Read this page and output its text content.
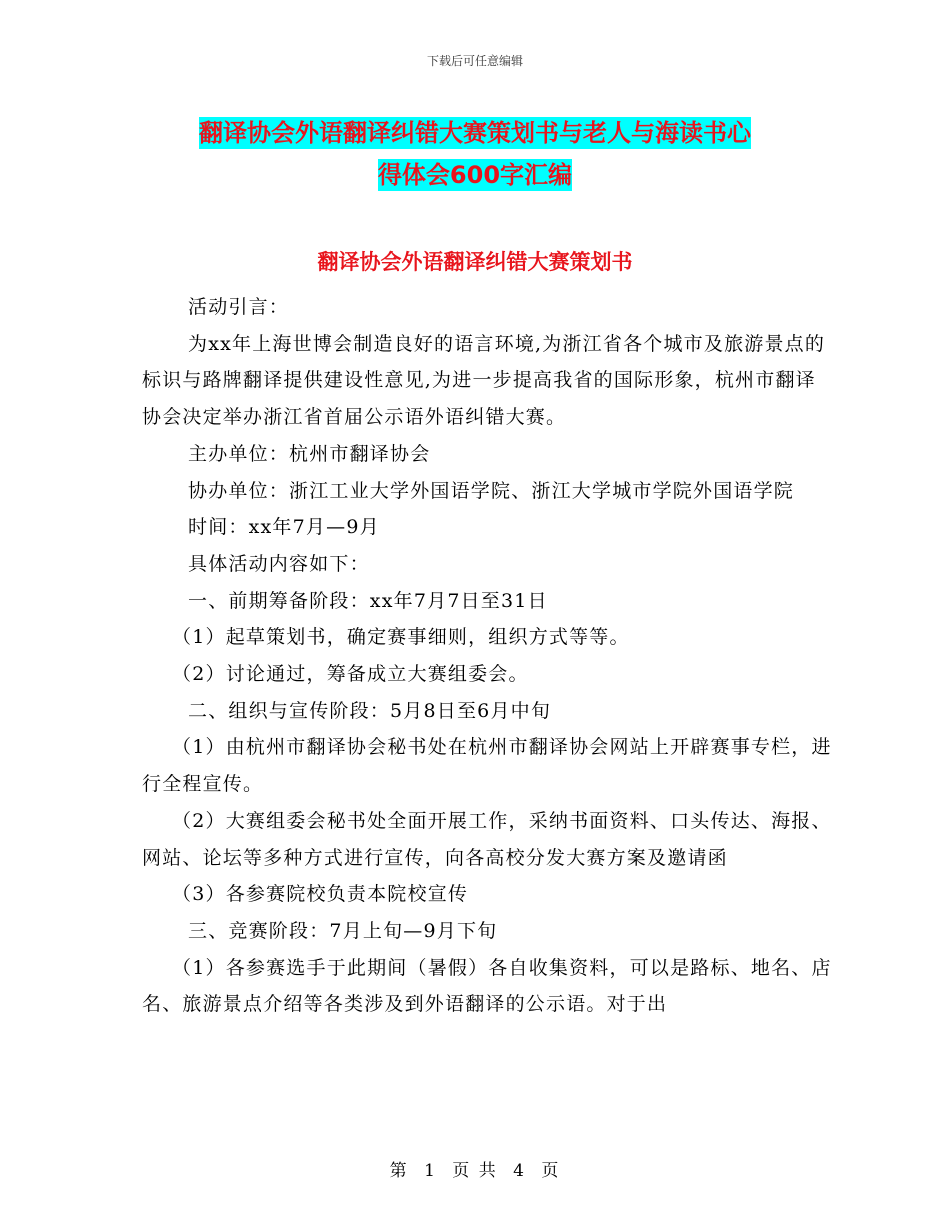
下载后可任意编辑
翻译协会外语翻译纠错大赛策划书与老人与海读书心
得体会600字汇编
翻译协会外语翻译纠错大赛策划书

活动引言：

为xx年上海世博会制造良好的语言环境,为浙江省各个城市及旅游景点的标识与路牌翻译提供建设性意见,为进一步提高我省的国际形象，杭州市翻译协会决定举办浙江省首届公示语外语纠错大赛。

主办单位：杭州市翻译协会

协办单位：浙江工业大学外国语学院、浙江大学城市学院外国语学院

时间：xx年7月—9月

具体活动内容如下：

一、前期筹备阶段：xx年7月7日至31日

（1）起草策划书，确定赛事细则，组织方式等等。

（2）讨论通过，筹备成立大赛组委会。

二、组织与宣传阶段：5月8日至6月中旬

（1）由杭州市翻译协会秘书处在杭州市翻译协会网站上开辟赛事专栏，进行全程宣传。

（2）大赛组委会秘书处全面开展工作，采纳书面资料、口头传达、海报、网站、论坛等多种方式进行宣传，向各高校分发大赛方案及邀请函

（3）各参赛院校负责本院校宣传

三、竞赛阶段：7月上旬—9月下旬

（1）各参赛选手于此期间（暑假）各自收集资料，可以是路标、地名、店名、旅游景点介绍等各类涉及到外语翻译的公示语。对于出

第 1 页 共 4 页
